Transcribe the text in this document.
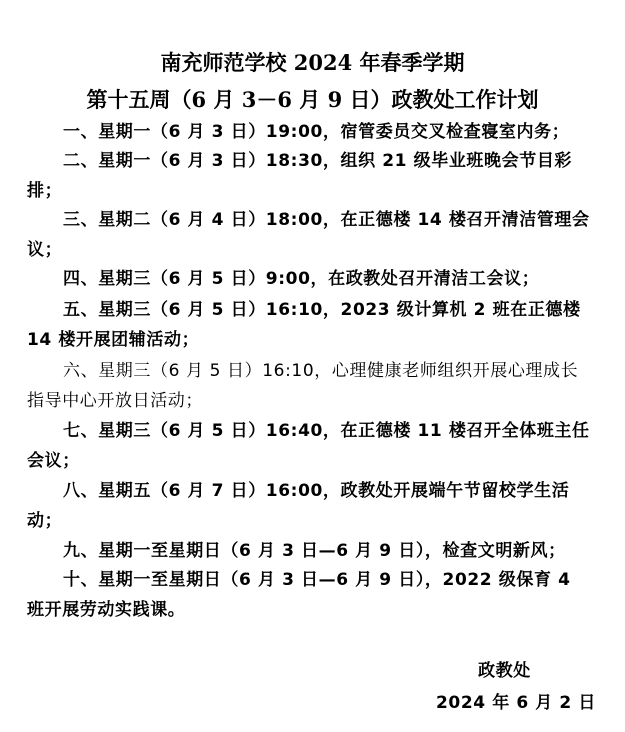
南充师范学校 2024 年春季学期
第十五周（6 月 3－6 月 9 日）政教处工作计划
一、星期一（6 月 3 日）19:00，宿管委员交叉检查寝室内务；
二、星期一（6 月 3 日）18:30，组织 21 级毕业班晚会节目彩排；
三、星期二（6 月 4 日）18:00，在正德楼 14 楼召开清洁管理会议；
四、星期三（6 月 5 日）9:00，在政教处召开清洁工会议；
五、星期三（6 月 5 日）16:10，2023 级计算机 2 班在正德楼 14 楼开展团辅活动；
六、星期三（6 月 5 日）16:10，心理健康老师组织开展心理成长指导中心开放日活动；
七、星期三（6 月 5 日）16:40，在正德楼 11 楼召开全体班主任会议；
八、星期五（6 月 7 日）16:00，政教处开展端午节留校学生活动；
九、星期一至星期日（6 月 3 日—6 月 9 日），检查文明新风；
十、星期一至星期日（6 月 3 日—6 月 9 日），2022 级保育 4 班开展劳动实践课。
政教处
2024 年 6 月 2 日
